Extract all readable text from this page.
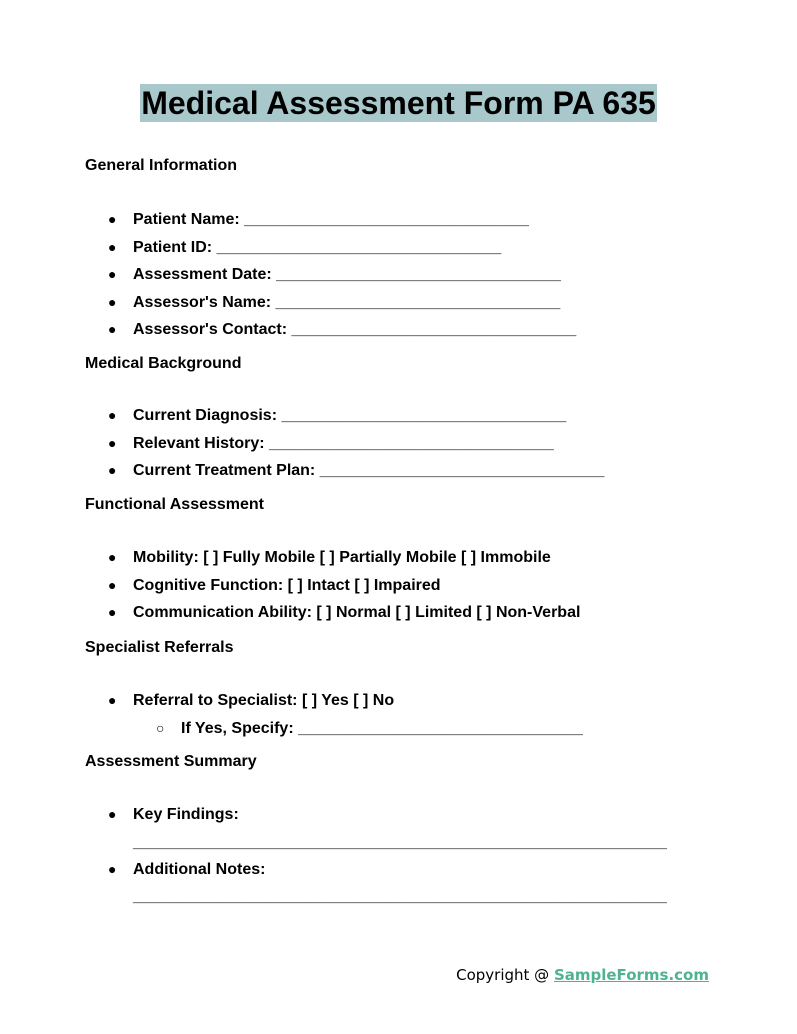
Medical Assessment Form PA 635

General Information

● Patient Name: ________________________________
● Patient ID: ________________________________
● Assessment Date: ________________________________
● Assessor's Name: ________________________________
● Assessor's Contact: ________________________________

Medical Background

● Current Diagnosis: ________________________________
● Relevant History: ________________________________
● Current Treatment Plan: ________________________________

Functional Assessment

● Mobility: [ ] Fully Mobile [ ] Partially Mobile [ ] Immobile
● Cognitive Function: [ ] Intact [ ] Impaired
● Communication Ability: [ ] Normal [ ] Limited [ ] Non-Verbal

Specialist Referrals

● Referral to Specialist: [ ] Yes [ ] No
○ If Yes, Specify: ________________________________

Assessment Summary

● Key Findings:
____________________________________________________________
● Additional Notes:
____________________________________________________________
Copyright @ SampleForms.com
